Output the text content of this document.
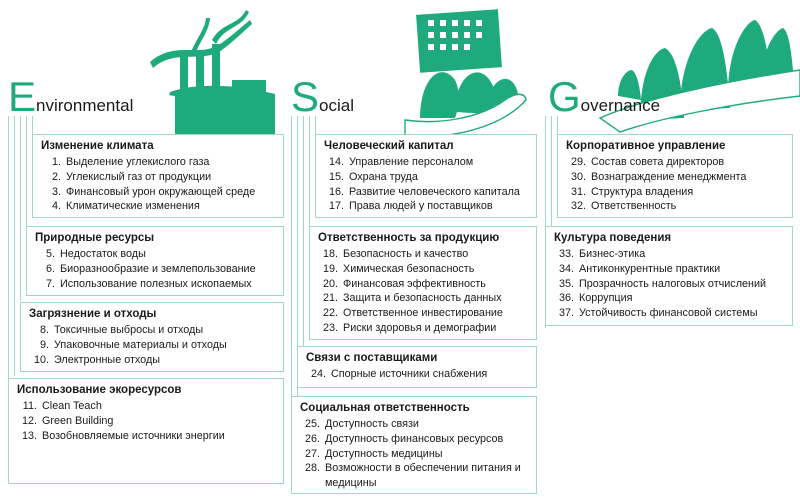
Environmental	Social	Governance
Изменение климата
1. Выделение углекислого газа
2. Углекислый газ от продукции
3. Финансовый урон окружающей среде
4. Климатические изменения
Природные ресурсы
5. Недостаток воды
6. Биоразнообразие и землепользование
7. Использование полезных ископаемых
Загрязнение и отходы
8. Токсичные выбросы и отходы
9. Упаковочные материалы и отходы
10. Электронные отходы
Использование экоресурсов
11. Clean Teach
12. Green Building
13. Возобновляемые источники энергии
Человеческий капитал
14. Управление персоналом
15. Охрана труда
16. Развитие человеческого капитала
17. Права людей у поставщиков
Ответственность за продукцию
18. Безопасность и качество
19. Химическая безопасность
20. Финансовая эффективность
21. Защита и безопасность данных
22. Ответственное инвестирование
23. Риски здоровья и демографии
Связи с поставщиками
24. Спорные источники снабжения
Социальная ответственность
25. Доступность связи
26. Доступность финансовых ресурсов
27. Доступность медицины
28. Возможности в обеспечении питания и медицины
Корпоративное управление
29. Состав совета директоров
30. Вознаграждение менеджмента
31. Структура владения
32. Ответственность
Культура поведения
33. Бизнес-этика
34. Антиконкурентные практики
35. Прозрачность налоговых отчислений
36. Коррупция
37. Устойчивость финансовой системы
